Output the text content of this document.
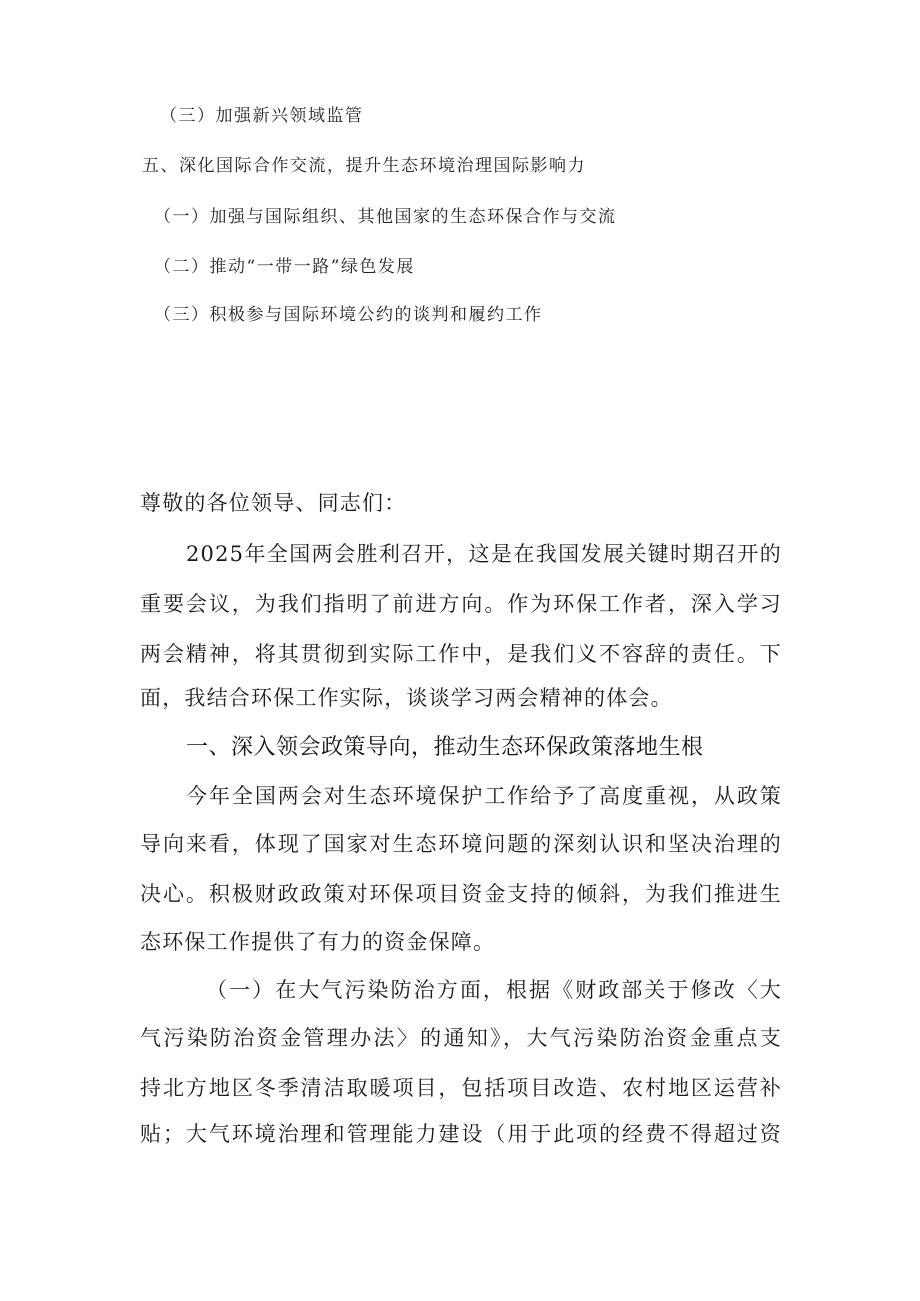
（三）加强新兴领域监管
五、深化国际合作交流，提升生态环境治理国际影响力
（一）加强与国际组织、其他国家的生态环保合作与交流
（二）推动“一带一路”绿色发展
（三）积极参与国际环境公约的谈判和履约工作
尊敬的各位领导、同志们：
2025年全国两会胜利召开，这是在我国发展关键时期召开的
重要会议，为我们指明了前进方向。作为环保工作者，深入学习
两会精神，将其贯彻到实际工作中，是我们义不容辞的责任。下
面，我结合环保工作实际，谈谈学习两会精神的体会。
一、深入领会政策导向，推动生态环保政策落地生根
今年全国两会对生态环境保护工作给予了高度重视，从政策
导向来看，体现了国家对生态环境问题的深刻认识和坚决治理的
决心。积极财政政策对环保项目资金支持的倾斜，为我们推进生
态环保工作提供了有力的资金保障。
（一）在大气污染防治方面，根据《财政部关于修改〈大
气污染防治资金管理办法〉的通知》，大气污染防治资金重点支
持北方地区冬季清洁取暖项目，包括项目改造、农村地区运营补
贴；大气环境治理和管理能力建设（用于此项的经费不得超过资
